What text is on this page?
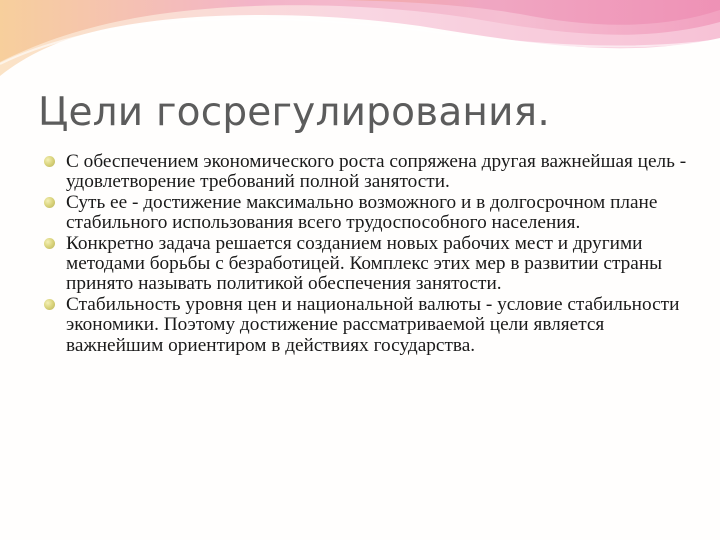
Цели госрегулирования.
С обеспечением экономического роста сопряжена другая важнейшая цель - удовлетворение требований полной занятости.
Суть ее - достижение максимально возможного и в долгосрочном плане стабильного использования всего трудоспособного населения.
Конкретно задача решается созданием новых рабочих мест и другими методами борьбы с безработицей. Комплекс этих мер в развитии страны принято называть политикой обеспечения занятости.
Стабильность уровня цен и национальной валюты - условие стабильности экономики. Поэтому достижение рассматриваемой цели является важнейшим ориентиром в действиях государства.
